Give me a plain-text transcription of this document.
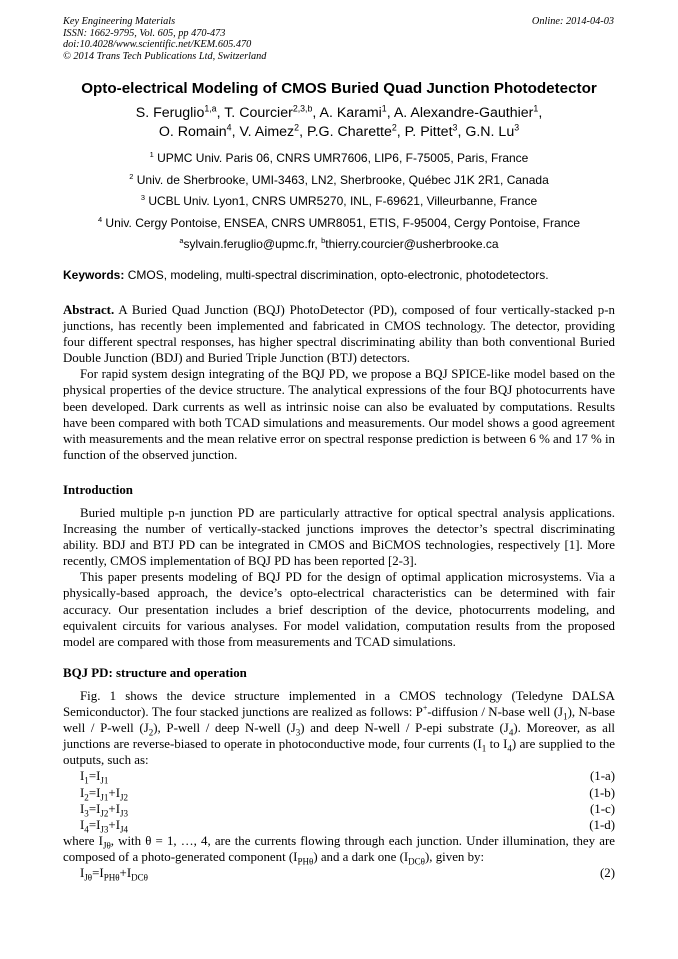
Key Engineering Materials
ISSN: 1662-9795, Vol. 605, pp 470-473
doi:10.4028/www.scientific.net/KEM.605.470
© 2014 Trans Tech Publications Ltd, Switzerland
Online: 2014-04-03
Opto-electrical Modeling of CMOS Buried Quad Junction Photodetector
S. Feruglio$^{1,a}$, T. Courcier$^{2,3,b}$, A. Karami$^1$, A. Alexandre-Gauthier$^1$,
O. Romain$^4$, V. Aimez$^2$, P.G. Charette$^2$, P. Pittet$^3$, G.N. Lu$^3$
$^1$ UPMC Univ. Paris 06, CNRS UMR7606, LIP6, F-75005, Paris, France
$^2$ Univ. de Sherbrooke, UMI-3463, LN2, Sherbrooke, Québec J1K 2R1, Canada
$^3$ UCBL Univ. Lyon1, CNRS UMR5270, INL, F-69621, Villeurbanne, France
$^4$ Univ. Cergy Pontoise, ENSEA, CNRS UMR8051, ETIS, F-95004, Cergy Pontoise, France
$^a$sylvain.feruglio@upmc.fr, $^b$thierry.courcier@usherbrooke.ca
Keywords: CMOS, modeling, multi-spectral discrimination, opto-electronic, photodetectors.

Abstract. A Buried Quad Junction (BQJ) PhotoDetector (PD), composed of four vertically-stacked p-n junctions, has recently been implemented and fabricated in CMOS technology. The detector, providing four different spectral responses, has higher spectral discriminating ability than both conventional Buried Double Junction (BDJ) and Buried Triple Junction (BTJ) detectors.

For rapid system design integrating of the BQJ PD, we propose a BQJ SPICE-like model based on the physical properties of the device structure. The analytical expressions of the four BQJ photocurrents have been developed. Dark currents as well as intrinsic noise can also be evaluated by computations. Results have been compared with both TCAD simulations and measurements. Our model shows a good agreement with measurements and the mean relative error on spectral response prediction is between 6 % and 17 % in function of the observed junction.

Introduction

Buried multiple p-n junction PD are particularly attractive for optical spectral analysis applications. Increasing the number of vertically-stacked junctions improves the detector’s spectral discriminating ability. BDJ and BTJ PD can be integrated in CMOS and BiCMOS technologies, respectively [1]. More recently, CMOS implementation of BQJ PD has been reported [2-3].

This paper presents modeling of BQJ PD for the design of optimal application microsystems. Via a physically-based approach, the device’s opto-electrical characteristics can be determined with fair accuracy. Our presentation includes a brief description of the device, photocurrents modeling, and equivalent circuits for various analyses. For model validation, computation results from the proposed model are compared with those from measurements and TCAD simulations.

BQJ PD: structure and operation

Fig. 1 shows the device structure implemented in a CMOS technology (Teledyne DALSA Semiconductor). The four stacked junctions are realized as follows: P+-diffusion / N-base well $(J_1)$, N-base well / P-well $(J_2)$, P-well / deep N-well $(J_3)$ and deep N-well / P-epi substrate $(J_4)$. Moreover, as all junctions are reverse-biased to operate in photoconductive mode, four currents ($I_1$ to $I_4$) are supplied to the outputs, such as:

$I_1=I_{J1}$	(1-a)
$I_2=I_{J1}+I_{J2}$	(1-b)
$I_3=I_{J2}+I_{J3}$	(1-c)
$I_4=I_{J3}+I_{J4}$	(1-d)

where $I_{J\theta}$, with θ = 1, …, 4, are the currents flowing through each junction. Under illumination, they are composed of a photo-generated component $(I_{PH\theta})$ and a dark one $(I_{DC\theta})$, given by:

$I_{J\theta}=I_{PH\theta}+I_{DC\theta}$	(2)
